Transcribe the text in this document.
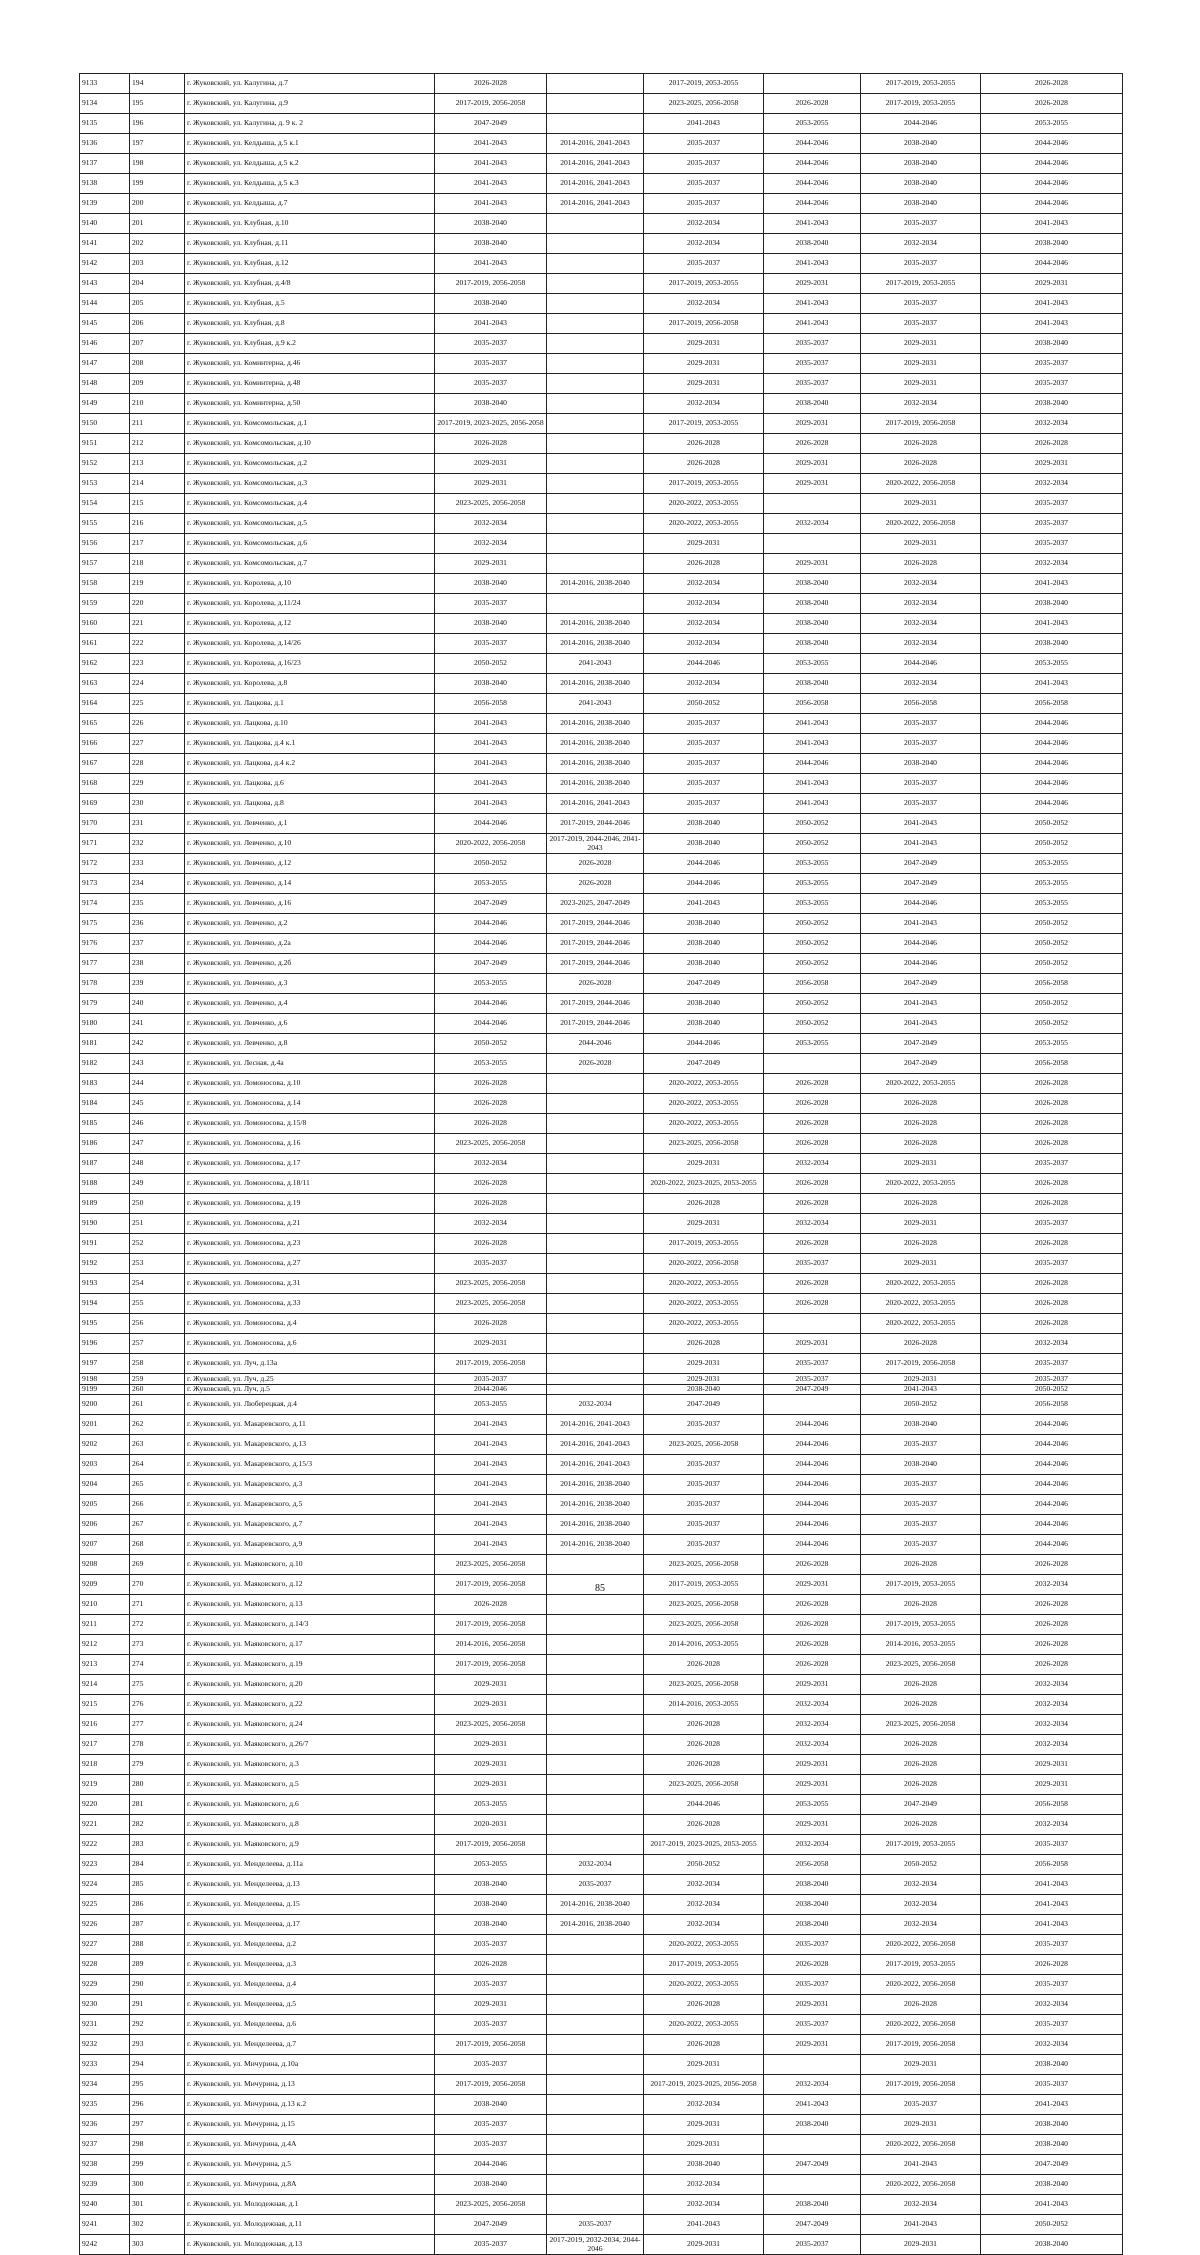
9133	194	г. Жуковский, ул. Калугина, д.7	2026-2028		2017-2019, 2053-2055		2017-2019, 2053-2055	2026-2028
9134	195	г. Жуковский, ул. Калугина, д.9	2017-2019, 2056-2058		2023-2025, 2056-2058	2026-2028	2017-2019, 2053-2055	2026-2028
9135	196	г. Жуковский, ул. Калугина, д. 9 к. 2	2047-2049		2041-2043	2053-2055	2044-2046	2053-2055
9136	197	г. Жуковский, ул. Келдыша, д.5 к.1	2041-2043	2014-2016, 2041-2043	2035-2037	2044-2046	2038-2040	2044-2046
9137	198	г. Жуковский, ул. Келдыша, д.5 к.2	2041-2043	2014-2016, 2041-2043	2035-2037	2044-2046	2038-2040	2044-2046
9138	199	г. Жуковский, ул. Келдыша, д.5 к.3	2041-2043	2014-2016, 2041-2043	2035-2037	2044-2046	2038-2040	2044-2046
9139	200	г. Жуковский, ул. Келдыша, д.7	2041-2043	2014-2016, 2041-2043	2035-2037	2044-2046	2038-2040	2044-2046
9140	201	г. Жуковский, ул. Клубная, д.10	2038-2040		2032-2034	2041-2043	2035-2037	2041-2043
9141	202	г. Жуковский, ул. Клубная, д.11	2038-2040		2032-2034	2038-2040	2032-2034	2038-2040
9142	203	г. Жуковский, ул. Клубная, д.12	2041-2043		2035-2037	2041-2043	2035-2037	2044-2046
9143	204	г. Жуковский, ул. Клубная, д.4/8	2017-2019, 2056-2058		2017-2019, 2053-2055	2029-2031	2017-2019, 2053-2055	2029-2031
9144	205	г. Жуковский, ул. Клубная, д.5	2038-2040		2032-2034	2041-2043	2035-2037	2041-2043
9145	206	г. Жуковский, ул. Клубная, д.8	2041-2043		2017-2019, 2056-2058	2041-2043	2035-2037	2041-2043
9146	207	г. Жуковский, ул. Клубная, д.9 к.2	2035-2037		2029-2031	2035-2037	2029-2031	2038-2040
9147	208	г. Жуковский, ул. Коминтерна, д.46	2035-2037		2029-2031	2035-2037	2029-2031	2035-2037
9148	209	г. Жуковский, ул. Коминтерна, д.48	2035-2037		2029-2031	2035-2037	2029-2031	2035-2037
9149	210	г. Жуковский, ул. Коминтерна, д.50	2038-2040		2032-2034	2038-2040	2032-2034	2038-2040
9150	211	г. Жуковский, ул. Комсомольская, д.1	2017-2019, 2023-2025, 2056-2058		2017-2019, 2053-2055	2029-2031	2017-2019, 2056-2058	2032-2034
9151	212	г. Жуковский, ул. Комсомольская, д.10	2026-2028		2026-2028	2026-2028	2026-2028	2026-2028
9152	213	г. Жуковский, ул. Комсомольская, д.2	2029-2031		2026-2028	2029-2031	2026-2028	2029-2031
9153	214	г. Жуковский, ул. Комсомольская, д.3	2029-2031		2017-2019, 2053-2055	2029-2031	2020-2022, 2056-2058	2032-2034
9154	215	г. Жуковский, ул. Комсомольская, д.4	2023-2025, 2056-2058		2020-2022, 2053-2055		2029-2031	2035-2037
9155	216	г. Жуковский, ул. Комсомольская, д.5	2032-2034		2020-2022, 2053-2055	2032-2034	2020-2022, 2056-2058	2035-2037
9156	217	г. Жуковский, ул. Комсомольская, д.6	2032-2034		2029-2031		2029-2031	2035-2037
9157	218	г. Жуковский, ул. Комсомольская, д.7	2029-2031		2026-2028	2029-2031	2026-2028	2032-2034
9158	219	г. Жуковский, ул. Королева, д.10	2038-2040	2014-2016, 2038-2040	2032-2034	2038-2040	2032-2034	2041-2043
9159	220	г. Жуковский, ул. Королева, д.11/24	2035-2037		2032-2034	2038-2040	2032-2034	2038-2040
9160	221	г. Жуковский, ул. Королева, д.12	2038-2040	2014-2016, 2038-2040	2032-2034	2038-2040	2032-2034	2041-2043
9161	222	г. Жуковский, ул. Королева, д.14/26	2035-2037	2014-2016, 2038-2040	2032-2034	2038-2040	2032-2034	2038-2040
9162	223	г. Жуковский, ул. Королева, д.16/23	2050-2052	2041-2043	2044-2046	2053-2055	2044-2046	2053-2055
9163	224	г. Жуковский, ул. Королева, д.8	2038-2040	2014-2016, 2038-2040	2032-2034	2038-2040	2032-2034	2041-2043
9164	225	г. Жуковский, ул. Лацкова, д.1	2056-2058	2041-2043	2050-2052	2056-2058	2056-2058	2056-2058
9165	226	г. Жуковский, ул. Лацкова, д.10	2041-2043	2014-2016, 2038-2040	2035-2037	2041-2043	2035-2037	2044-2046
9166	227	г. Жуковский, ул. Лацкова, д.4 к.1	2041-2043	2014-2016, 2038-2040	2035-2037	2041-2043	2035-2037	2044-2046
9167	228	г. Жуковский, ул. Лацкова, д.4 к.2	2041-2043	2014-2016, 2038-2040	2035-2037	2044-2046	2038-2040	2044-2046
9168	229	г. Жуковский, ул. Лацкова, д.6	2041-2043	2014-2016, 2038-2040	2035-2037	2041-2043	2035-2037	2044-2046
9169	230	г. Жуковский, ул. Лацкова, д.8	2041-2043	2014-2016, 2041-2043	2035-2037	2041-2043	2035-2037	2044-2046
9170	231	г. Жуковский, ул. Левченко, д.1	2044-2046	2017-2019, 2044-2046	2038-2040	2050-2052	2041-2043	2050-2052
9171	232	г. Жуковский, ул. Левченко, д.10	2020-2022, 2056-2058	2017-2019, 2044-2046, 2041-2043	2038-2040	2050-2052	2041-2043	2050-2052
9172	233	г. Жуковский, ул. Левченко, д.12	2050-2052	2026-2028	2044-2046	2053-2055	2047-2049	2053-2055
9173	234	г. Жуковский, ул. Левченко, д.14	2053-2055	2026-2028	2044-2046	2053-2055	2047-2049	2053-2055
9174	235	г. Жуковский, ул. Левченко, д.16	2047-2049	2023-2025, 2047-2049	2041-2043	2053-2055	2044-2046	2053-2055
9175	236	г. Жуковский, ул. Левченко, д.2	2044-2046	2017-2019, 2044-2046	2038-2040	2050-2052	2041-2043	2050-2052
9176	237	г. Жуковский, ул. Левченко, д.2а	2044-2046	2017-2019, 2044-2046	2038-2040	2050-2052	2044-2046	2050-2052
9177	238	г. Жуковский, ул. Левченко, д.2б	2047-2049	2017-2019, 2044-2046	2038-2040	2050-2052	2044-2046	2050-2052
9178	239	г. Жуковский, ул. Левченко, д.3	2053-2055	2026-2028	2047-2049	2056-2058	2047-2049	2056-2058
9179	240	г. Жуковский, ул. Левченко, д.4	2044-2046	2017-2019, 2044-2046	2038-2040	2050-2052	2041-2043	2050-2052
9180	241	г. Жуковский, ул. Левченко, д.6	2044-2046	2017-2019, 2044-2046	2038-2040	2050-2052	2041-2043	2050-2052
9181	242	г. Жуковский, ул. Левченко, д.8	2050-2052	2044-2046	2044-2046	2053-2055	2047-2049	2053-2055
9182	243	г. Жуковский, ул. Лесная, д.4а	2053-2055	2026-2028	2047-2049		2047-2049	2056-2058
9183	244	г. Жуковский, ул. Ломоносова, д.10	2026-2028		2020-2022, 2053-2055	2026-2028	2020-2022, 2053-2055	2026-2028
9184	245	г. Жуковский, ул. Ломоносова, д.14	2026-2028		2020-2022, 2053-2055	2026-2028	2026-2028	2026-2028
9185	246	г. Жуковский, ул. Ломоносова, д.15/8	2026-2028		2020-2022, 2053-2055	2026-2028	2026-2028	2026-2028
9186	247	г. Жуковский, ул. Ломоносова, д.16	2023-2025, 2056-2058		2023-2025, 2056-2058	2026-2028	2026-2028	2026-2028
9187	248	г. Жуковский, ул. Ломоносова, д.17	2032-2034		2029-2031	2032-2034	2029-2031	2035-2037
9188	249	г. Жуковский, ул. Ломоносова, д.18/11	2026-2028		2020-2022, 2023-2025, 2053-2055	2026-2028	2020-2022, 2053-2055	2026-2028
9189	250	г. Жуковский, ул. Ломоносова, д.19	2026-2028		2026-2028	2026-2028	2026-2028	2026-2028
9190	251	г. Жуковский, ул. Ломоносова, д.21	2032-2034		2029-2031	2032-2034	2029-2031	2035-2037
9191	252	г. Жуковский, ул. Ломоносова, д.23	2026-2028		2017-2019, 2053-2055	2026-2028	2026-2028	2026-2028
9192	253	г. Жуковский, ул. Ломоносова, д.27	2035-2037		2020-2022, 2056-2058	2035-2037	2029-2031	2035-2037
9193	254	г. Жуковский, ул. Ломоносова, д.31	2023-2025, 2056-2058		2020-2022, 2053-2055	2026-2028	2020-2022, 2053-2055	2026-2028
9194	255	г. Жуковский, ул. Ломоносова, д.33	2023-2025, 2056-2058		2020-2022, 2053-2055	2026-2028	2020-2022, 2053-2055	2026-2028
9195	256	г. Жуковский, ул. Ломоносова, д.4	2026-2028		2020-2022, 2053-2055		2020-2022, 2053-2055	2026-2028
9196	257	г. Жуковский, ул. Ломоносова, д.6	2029-2031		2026-2028	2029-2031	2026-2028	2032-2034
9197	258	г. Жуковский, ул. Луч, д.13а	2017-2019, 2056-2058		2029-2031	2035-2037	2017-2019, 2056-2058	2035-2037
9198	259	г. Жуковский, ул. Луч, д.25	2035-2037		2029-2031	2035-2037	2029-2031	2035-2037
9199	260	г. Жуковский, ул. Луч, д.5	2044-2046		2038-2040	2047-2049	2041-2043	2050-2052
9200	261	г. Жуковский, ул. Люберецкая, д.4	2053-2055	2032-2034	2047-2049		2050-2052	2056-2058
9201	262	г. Жуковский, ул. Макаревского, д.11	2041-2043	2014-2016, 2041-2043	2035-2037	2044-2046	2038-2040	2044-2046
9202	263	г. Жуковский, ул. Макаревского, д.13	2041-2043	2014-2016, 2041-2043	2023-2025, 2056-2058	2044-2046	2035-2037	2044-2046
9203	264	г. Жуковский, ул. Макаревского, д.15/3	2041-2043	2014-2016, 2041-2043	2035-2037	2044-2046	2038-2040	2044-2046
9204	265	г. Жуковский, ул. Макаревского, д.3	2041-2043	2014-2016, 2038-2040	2035-2037	2044-2046	2035-2037	2044-2046
9205	266	г. Жуковский, ул. Макаревского, д.5	2041-2043	2014-2016, 2038-2040	2035-2037	2044-2046	2035-2037	2044-2046
9206	267	г. Жуковский, ул. Макаревского, д.7	2041-2043	2014-2016, 2038-2040	2035-2037	2044-2046	2035-2037	2044-2046
9207	268	г. Жуковский, ул. Макаревского, д.9	2041-2043	2014-2016, 2038-2040	2035-2037	2044-2046	2035-2037	2044-2046
9208	269	г. Жуковский, ул. Маяковского, д.10	2023-2025, 2056-2058		2023-2025, 2056-2058	2026-2028	2026-2028	2026-2028
9209	270	г. Жуковский, ул. Маяковского, д.12	2017-2019, 2056-2058		2017-2019, 2053-2055	2029-2031	2017-2019, 2053-2055	2032-2034
9210	271	г. Жуковский, ул. Маяковского, д.13	2026-2028		2023-2025, 2056-2058	2026-2028	2026-2028	2026-2028
9211	272	г. Жуковский, ул. Маяковского, д.14/3	2017-2019, 2056-2058		2023-2025, 2056-2058	2026-2028	2017-2019, 2053-2055	2026-2028
9212	273	г. Жуковский, ул. Маяковского, д.17	2014-2016, 2056-2058		2014-2016, 2053-2055	2026-2028	2014-2016, 2053-2055	2026-2028
9213	274	г. Жуковский, ул. Маяковского, д.19	2017-2019, 2056-2058		2026-2028	2026-2028	2023-2025, 2056-2058	2026-2028
9214	275	г. Жуковский, ул. Маяковского, д.20	2029-2031		2023-2025, 2056-2058	2029-2031	2026-2028	2032-2034
9215	276	г. Жуковский, ул. Маяковского, д.22	2029-2031		2014-2016, 2053-2055	2032-2034	2026-2028	2032-2034
9216	277	г. Жуковский, ул. Маяковского, д.24	2023-2025, 2056-2058		2026-2028	2032-2034	2023-2025, 2056-2058	2032-2034
9217	278	г. Жуковский, ул. Маяковского, д.26/7	2029-2031		2026-2028	2032-2034	2026-2028	2032-2034
9218	279	г. Жуковский, ул. Маяковского, д.3	2029-2031		2026-2028	2029-2031	2026-2028	2029-2031
9219	280	г. Жуковский, ул. Маяковского, д.5	2029-2031		2023-2025, 2056-2058	2029-2031	2026-2028	2029-2031
9220	281	г. Жуковский, ул. Маяковского, д.6	2053-2055		2044-2046	2053-2055	2047-2049	2056-2058
9221	282	г. Жуковский, ул. Маяковского, д.8	2020-2031		2026-2028	2029-2031	2026-2028	2032-2034
9222	283	г. Жуковский, ул. Маяковского, д.9	2017-2019, 2056-2058		2017-2019, 2023-2025, 2053-2055	2032-2034	2017-2019, 2053-2055	2035-2037
9223	284	г. Жуковский, ул. Менделеева, д.11а	2053-2055	2032-2034	2050-2052	2056-2058	2050-2052	2056-2058
9224	285	г. Жуковский, ул. Менделеева, д.13	2038-2040	2035-2037	2032-2034	2038-2040	2032-2034	2041-2043
9225	286	г. Жуковский, ул. Менделеева, д.15	2038-2040	2014-2016, 2038-2040	2032-2034	2038-2040	2032-2034	2041-2043
9226	287	г. Жуковский, ул. Менделеева, д.17	2038-2040	2014-2016, 2038-2040	2032-2034	2038-2040	2032-2034	2041-2043
9227	288	г. Жуковский, ул. Менделеева, д.2	2035-2037		2020-2022, 2053-2055	2035-2037	2020-2022, 2056-2058	2035-2037
9228	289	г. Жуковский, ул. Менделеева, д.3	2026-2028		2017-2019, 2053-2055	2026-2028	2017-2019, 2053-2055	2026-2028
9229	290	г. Жуковский, ул. Менделеева, д.4	2035-2037		2020-2022, 2053-2055	2035-2037	2020-2022, 2056-2058	2035-2037
9230	291	г. Жуковский, ул. Менделеева, д.5	2029-2031		2026-2028	2029-2031	2026-2028	2032-2034
9231	292	г. Жуковский, ул. Менделеева, д.6	2035-2037		2020-2022, 2053-2055	2035-2037	2020-2022, 2056-2058	2035-2037
9232	293	г. Жуковский, ул. Менделеева, д.7	2017-2019, 2056-2058		2026-2028	2029-2031	2017-2019, 2056-2058	2032-2034
9233	294	г. Жуковский, ул. Мичурина, д.10а	2035-2037		2029-2031		2029-2031	2038-2040
9234	295	г. Жуковский, ул. Мичурина, д.13	2017-2019, 2056-2058		2017-2019, 2023-2025, 2056-2058	2032-2034	2017-2019, 2056-2058	2035-2037
9235	296	г. Жуковский, ул. Мичурина, д.13 к.2	2038-2040		2032-2034	2041-2043	2035-2037	2041-2043
9236	297	г. Жуковский, ул. Мичурина, д.15	2035-2037		2029-2031	2038-2040	2029-2031	2038-2040
9237	298	г. Жуковский, ул. Мичурина, д.4А	2035-2037		2029-2031		2020-2022, 2056-2058	2038-2040
9238	299	г. Жуковский, ул. Мичурина, д.5	2044-2046		2038-2040	2047-2049	2041-2043	2047-2049
9239	300	г. Жуковский, ул. Мичурина, д.8А	2038-2040		2032-2034		2020-2022, 2056-2058	2038-2040
9240	301	г. Жуковский, ул. Молодежная, д.1	2023-2025, 2056-2058		2032-2034	2038-2040	2032-2034	2041-2043
9241	302	г. Жуковский, ул. Молодежная, д.11	2047-2049	2035-2037	2041-2043	2047-2049	2041-2043	2050-2052
9242	303	г. Жуковский, ул. Молодежная, д.13	2035-2037	2017-2019, 2032-2034, 2044-2046	2029-2031	2035-2037	2029-2031	2038-2040
85
